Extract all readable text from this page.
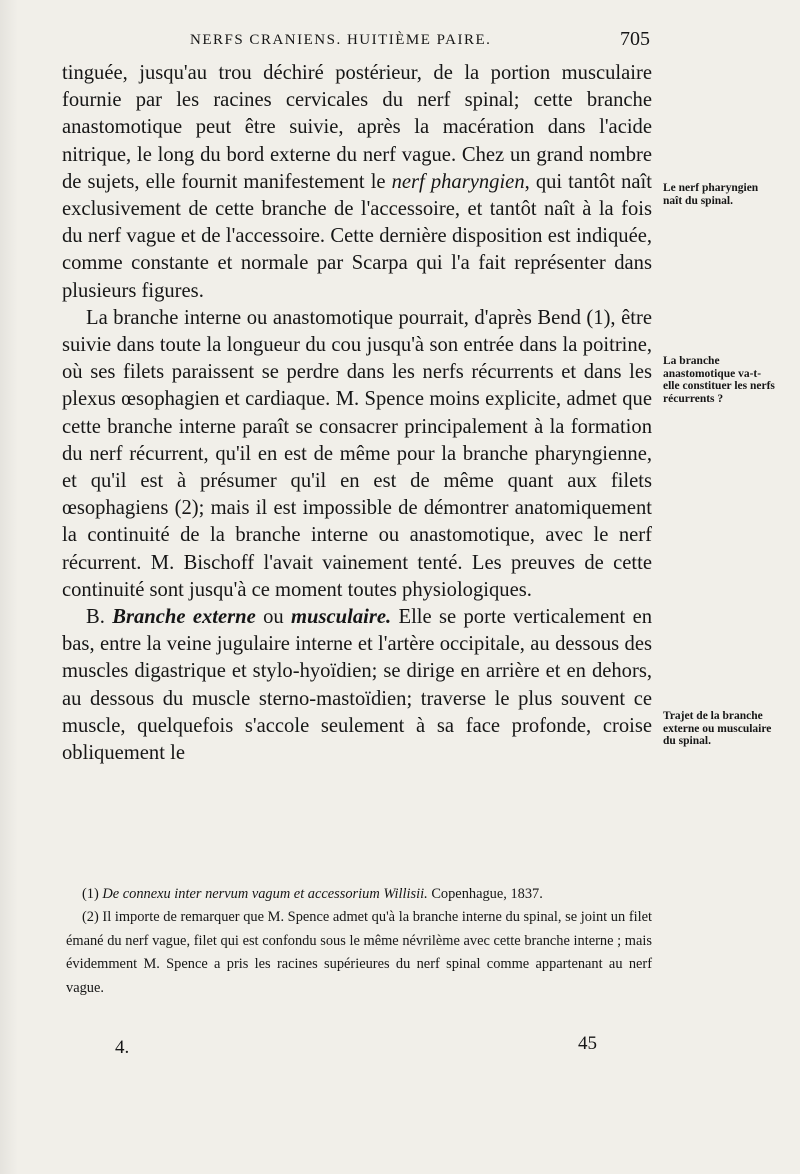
NERFS CRANIENS. HUITIÈME PAIRE.	705

tinguée, jusqu'au trou déchiré postérieur, de la portion musculaire fournie par les racines cervicales du nerf spinal; cette branche anastomotique peut être suivie, après la macération dans l'acide nitrique, le long du bord externe du nerf vague. Chez un grand nombre de sujets, elle fournit manifestement le nerf pharyngien, qui tantôt naît exclusivement de cette branche de l'accessoire, et tantôt naît à la fois du nerf vague et de l'accessoire. Cette dernière disposition est indiquée, comme constante et normale par Scarpa qui l'a fait représenter dans plusieurs figures.

La branche interne ou anastomotique pourrait, d'après Bend (1), être suivie dans toute la longueur du cou jusqu'à son entrée dans la poitrine, où ses filets paraissent se perdre dans les nerfs récurrents et dans les plexus œsophagien et cardiaque. M. Spence moins explicite, admet que cette branche interne paraît se consacrer principalement à la formation du nerf récurrent, qu'il en est de même pour la branche pharyngienne, et qu'il est à présumer qu'il en est de même quant aux filets œsophagiens (2); mais il est impossible de démontrer anatomiquement la continuité de la branche interne ou anastomotique, avec le nerf récurrent. M. Bischoff l'avait vainement tenté. Les preuves de cette continuité sont jusqu'à ce moment toutes physiologiques.

B. Branche externe ou musculaire. Elle se porte verticalement en bas, entre la veine jugulaire interne et l'artère occipitale, au dessous des muscles digastrique et stylo-hyoïdien; se dirige en arrière et en dehors, au dessous du muscle sterno-mastoïdien; traverse le plus souvent ce muscle, quelquefois s'accole seulement à sa face profonde, croise obliquement le

Le nerf pharyngien naît du spinal.
La branche anastomotique va-t-elle constituer les nerfs récurrents ?
Trajet de la branche externe ou musculaire du spinal.

(1) De connexu inter nervum vagum et accessorium Willisii. Copenhague, 1837.

(2) Il importe de remarquer que M. Spence admet qu'à la branche interne du spinal, se joint un filet émané du nerf vague, filet qui est confondu sous le même névrilème avec cette branche interne ; mais évidemment M. Spence a pris les racines supérieures du nerf spinal comme appartenant au nerf vague.

4.	45
